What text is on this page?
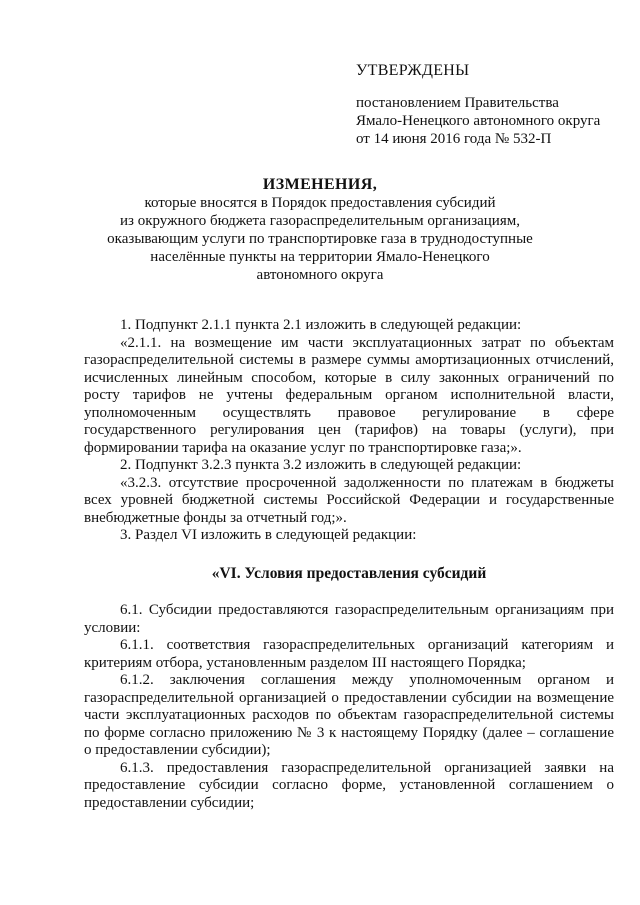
УТВЕРЖДЕНЫ
постановлением Правительства
Ямало-Ненецкого автономного округа
от 14 июня 2016 года № 532-П
ИЗМЕНЕНИЯ,
которые вносятся в Порядок предоставления субсидий
из окружного бюджета газораспределительным организациям,
оказывающим услуги по транспортировке газа в труднодоступные
населённые пункты на территории Ямало-Ненецкого
автономного округа

1. Подпункт 2.1.1 пункта 2.1 изложить в следующей редакции:

«2.1.1. на возмещение им части эксплуатационных затрат по объектам газораспределительной системы в размере суммы амортизационных отчислений, исчисленных линейным способом, которые в силу законных ограничений по росту тарифов не учтены федеральным органом исполнительной власти, уполномоченным осуществлять правовое регулирование в сфере государственного регулирования цен (тарифов) на товары (услуги), при формировании тарифа на оказание услуг по транспортировке газа;».

2. Подпункт 3.2.3 пункта 3.2 изложить в следующей редакции:

«3.2.3. отсутствие просроченной задолженности по платежам в бюджеты всех уровней бюджетной системы Российской Федерации и государственные внебюджетные фонды за отчетный год;».

3. Раздел VI изложить в следующей редакции:

«VI. Условия предоставления субсидий

6.1. Субсидии предоставляются газораспределительным организациям при условии:

6.1.1. соответствия газораспределительных организаций категориям и критериям отбора, установленным разделом III настоящего Порядка;

6.1.2. заключения соглашения между уполномоченным органом и газораспределительной организацией о предоставлении субсидии на возмещение части эксплуатационных расходов по объектам газораспределительной системы по форме согласно приложению № 3 к настоящему Порядку (далее – соглашение о предоставлении субсидии);

6.1.3. предоставления газораспределительной организацией заявки на предоставление субсидии согласно форме, установленной соглашением о предоставлении субсидии;
